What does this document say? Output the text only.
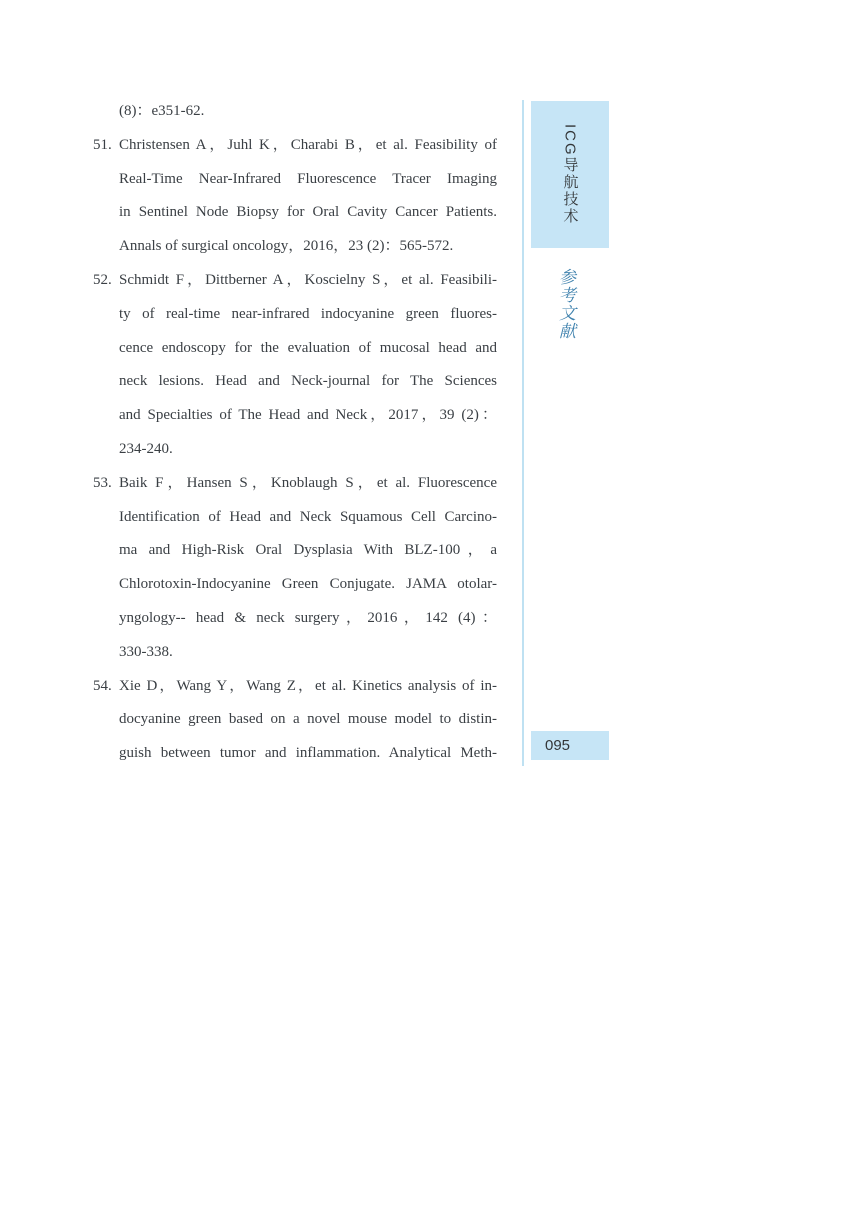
(8)：e351-62.
51. Christensen A，Juhl K，Charabi B，et al. Feasibility of
Real-Time Near-Infrared Fluorescence Tracer Imaging
in Sentinel Node Biopsy for Oral Cavity Cancer Patients.
Annals of surgical oncology，2016，23 (2)：565-572.
52. Schmidt F，Dittberner A，Koscielny S，et al. Feasibili-
ty of real-time near-infrared indocyanine green fluores-
cence endoscopy for the evaluation of mucosal head and
neck lesions. Head and Neck-journal for The Sciences
and Specialties of The Head and Neck，2017，39 (2)：
234-240.
53. Baik F，Hansen S，Knoblaugh S，et al. Fluorescence
Identification of Head and Neck Squamous Cell Carcino-
ma and High-Risk Oral Dysplasia With BLZ-100，a
Chlorotoxin-Indocyanine Green Conjugate. JAMA otolar-
yngology-- head & neck surgery，2016，142 (4)：
330-338.
54. Xie D，Wang Y，Wang Z，et al. Kinetics analysis of in-
docyanine green based on a novel mouse model to distin-
guish between tumor and inflammation. Analytical Meth-
ICG导航技术
参考文献
095
